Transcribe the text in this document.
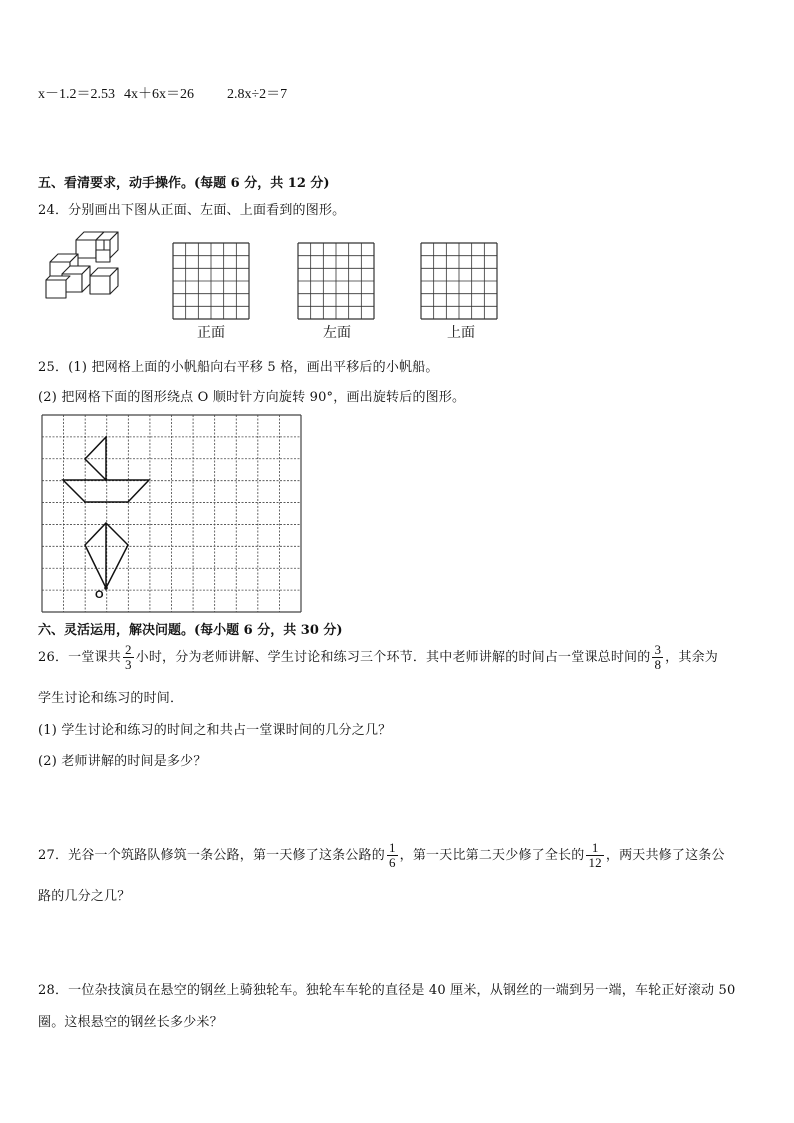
x－1.2＝2.53 4x＋6x＝26 2.8x÷2＝7
五、看清要求，动手操作。(每题 6 分，共 12 分)
24．分别画出下图从正面、左面、上面看到的图形。
正面	左面	上面
25．(1) 把网格上面的小帆船向右平移 5 格，画出平移后的小帆船。
(2) 把网格下面的图形绕点 O 顺时针方向旋转 90°，画出旋转后的图形。
O
六、灵活运用，解决问题。(每小题 6 分，共 30 分)
26．一堂课共 $\frac{2}{3}$ 小时，分为老师讲解、学生讨论和练习三个环节．其中老师讲解的时间占一堂课总时间的 $\frac{3}{8}$ ，其余为
学生讨论和练习的时间．
(1) 学生讨论和练习的时间之和共占一堂课时间的几分之几？
(2) 老师讲解的时间是多少？
27．光谷一个筑路队修筑一条公路，第一天修了这条公路的 $\frac{1}{6}$ ，第一天比第二天少修了全长的 $\frac{1}{12}$ ，两天共修了这条公
路的几分之几？
28．一位杂技演员在悬空的钢丝上骑独轮车。独轮车车轮的直径是 40 厘米，从钢丝的一端到另一端，车轮正好滚动 50
圈。这根悬空的钢丝长多少米？
